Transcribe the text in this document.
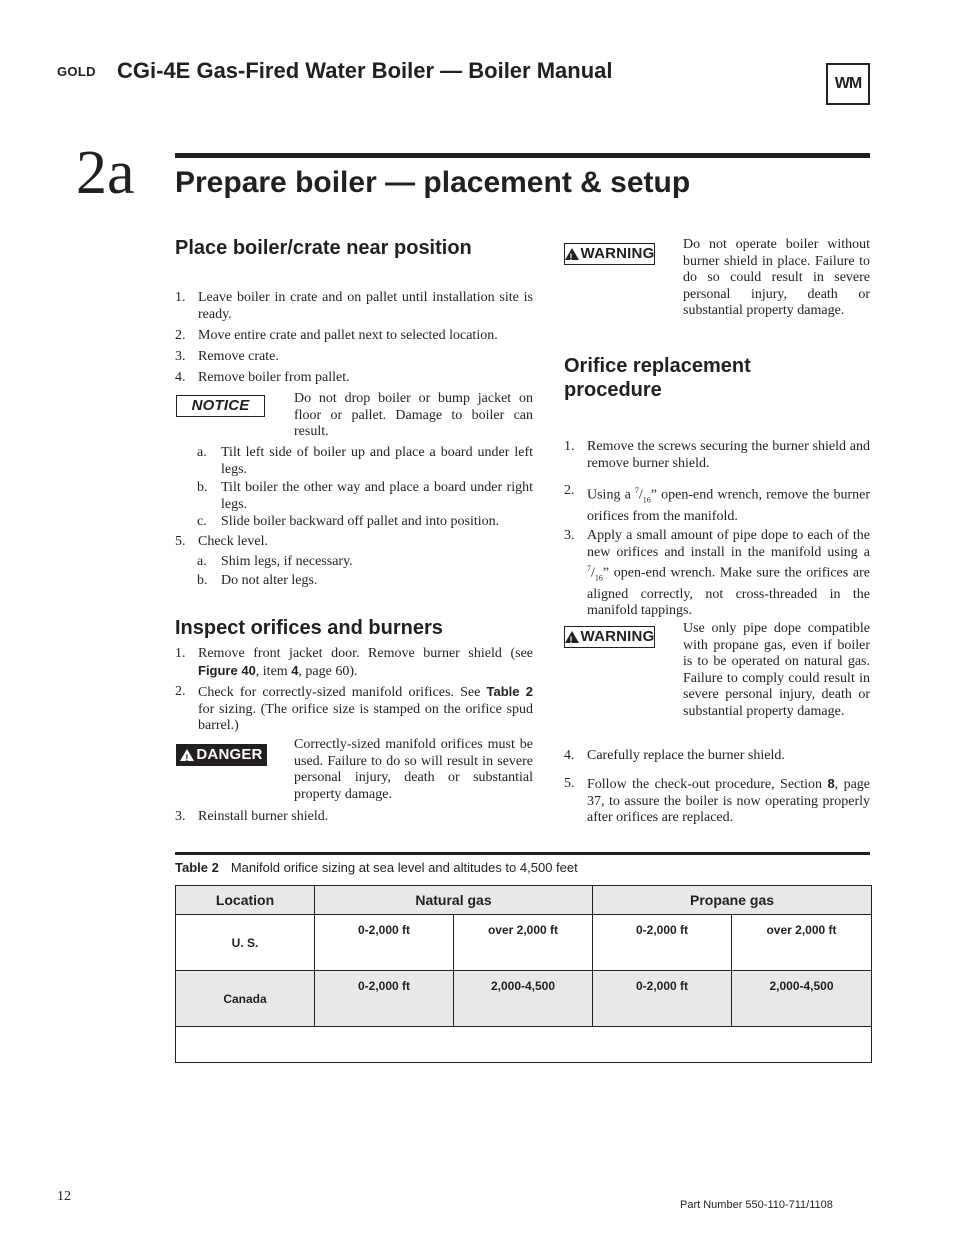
GOLD CGi-4E Gas-Fired Water Boiler — Boiler Manual
WM
2a Prepare boiler — placement & setup
Place boiler/crate near position
1. Leave boiler in crate and on pallet until installation site is ready.
2. Move entire crate and pallet next to selected location.
3. Remove crate.
4. Remove boiler from pallet.
NOTICE	Do not drop boiler or bump jacket on floor or pallet. Damage to boiler can result.
a. Tilt left side of boiler up and place a board under left legs.
b. Tilt boiler the other way and place a board under right legs.
c. Slide boiler backward off pallet and into position.
5. Check level.
a. Shim legs, if necessary.
b. Do not alter legs.
Inspect orifices and burners
1. Remove front jacket door. Remove burner shield (see Figure 40, item 4, page 60).
2. Check for correctly-sized manifold orifices. See Table 2 for sizing. (The orifice size is stamped on the orifice spud barrel.)
!
DANGER
Correctly-sized manifold orifices must be used. Failure to do so will result in severe personal injury, death or substantial property damage.
3. Reinstall burner shield.
!
WARNING
Do not operate boiler without burner shield in place. Failure to do so could result in severe personal injury, death or substantial property damage.
Orifice replacement procedure
1. Remove the screws securing the burner shield and remove burner shield.
2. Using a $^7/_{16}$” open-end wrench, remove the burner orifices from the manifold.
3. Apply a small amount of pipe dope to each of the new orifices and install in the manifold using a $^7/_{16}$” open-end wrench. Make sure the orifices are aligned correctly, not cross-threaded in the manifold tappings.
!
WARNING Use only pipe dope compatible with propane gas, even if boiler is to be operated on natural gas. Failure to comply could result in severe personal injury, death or substantial property damage.
4. Carefully replace the burner shield.
5. Follow the check-out procedure, Section 8, page 37, to assure the boiler is now operating properly after orifices are replaced.
Table 2 Manifold orifice sizing at sea level and altitudes to 4,500 feet
Location	Natural gas		Propane gas	
U. S.	0-2,000 ft	over 2,000 ft	0-2,000 ft	over 2,000 ft
Canada	0-2,000 ft	2,000-4,500	0-2,000 ft	2,000-4,500

12
Part Number 550-110-711/1108
